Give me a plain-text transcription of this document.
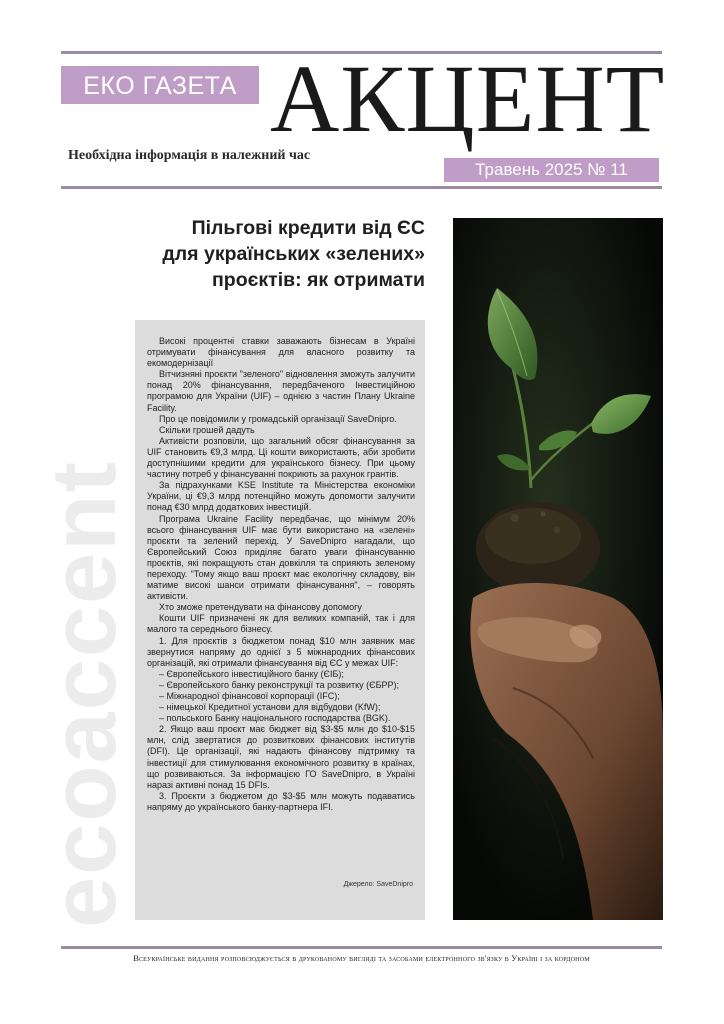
ЕКО ГАЗЕТА АКЦЕНТ
Необхідна інформація в належний час
Травень 2025 № 11
ecoaccent
Пільгові кредити від ЄС
для українських «зелених»
проєктів: як отримати

Високі процентні ставки заважають бізнесам в Україні отримувати фінансування для власного розвитку та екомодернізації

Вітчизняні проєкти "зеленого" відновлення зможуть залучити понад 20% фінансування, передбаченого Інвестиційною програмою для України (UIF) – однією з частин Плану Ukraine Facility.

Про це повідомили у громадській організації SaveDnipro.

Скільки грошей дадуть

Активісти розповіли, що загальний обсяг фінансування за UIF становить €9,3 млрд. Ці кошти використають, аби зробити доступнішими кредити для українського бізнесу. При цьому частину потреб у фінансуванні покриють за рахунок грантів.

За підрахунками KSE Institute та Міністерства економіки України, ці €9,3 млрд потенційно можуть допомогти залучити понад €30 млрд додаткових інвестицій.

Програма Ukraine Facility передбачає, що мінімум 20% всього фінансування UIF має бути використано на «зелені» проєкти та зелений перехід. У SaveDnipro нагадали, що Європейський Союз приділяє багато уваги фінансуванню проєктів, які покращують стан довкілля та сприяють зеленому переходу. "Тому якщо ваш проєкт має екологічну складову, він матиме високі шанси отримати фінансування", – говорять активісти.

Хто зможе претендувати на фінансову допомогу

Кошти UIF призначені як для великих компаній, так і для малого та середнього бізнесу.

1. Для проєктів з бюджетом понад $10 млн заявник має звернутися напряму до однієї з 5 міжнародних фінансових організацій, які отримали фінансування від ЄС у межах UIF:

– Європейського інвестиційного банку (ЄІБ);

– Європейського банку реконструкції та розвитку (ЄБРР);

– Міжнародної фінансової корпорації (IFC);

– німецької Кредитної установи для відбудови (KfW);

– польського Банку національного господарства (BGK).

2. Якщо ваш проєкт має бюджет від $3-$5 млн до $10-$15 млн, слід звертатися до розвиткових фінансових інститутів (DFI). Це організації, які надають фінансову підтримку та інвестиції для стимулювання економічного розвитку в країнах, що розвиваються. За інформацією ГО SaveDnipro, в Україні наразі активні понад 15 DFIs.

3. Проєкти з бюджетом до $3-$5 млн можуть подаватись напряму до українського банку-партнера IFI.

Джерело: SaveDnipro
Всеукраїнське видання розповсюджується в друкованому вигляді та засобами електронного зв'язку в Україні і за кордоном
